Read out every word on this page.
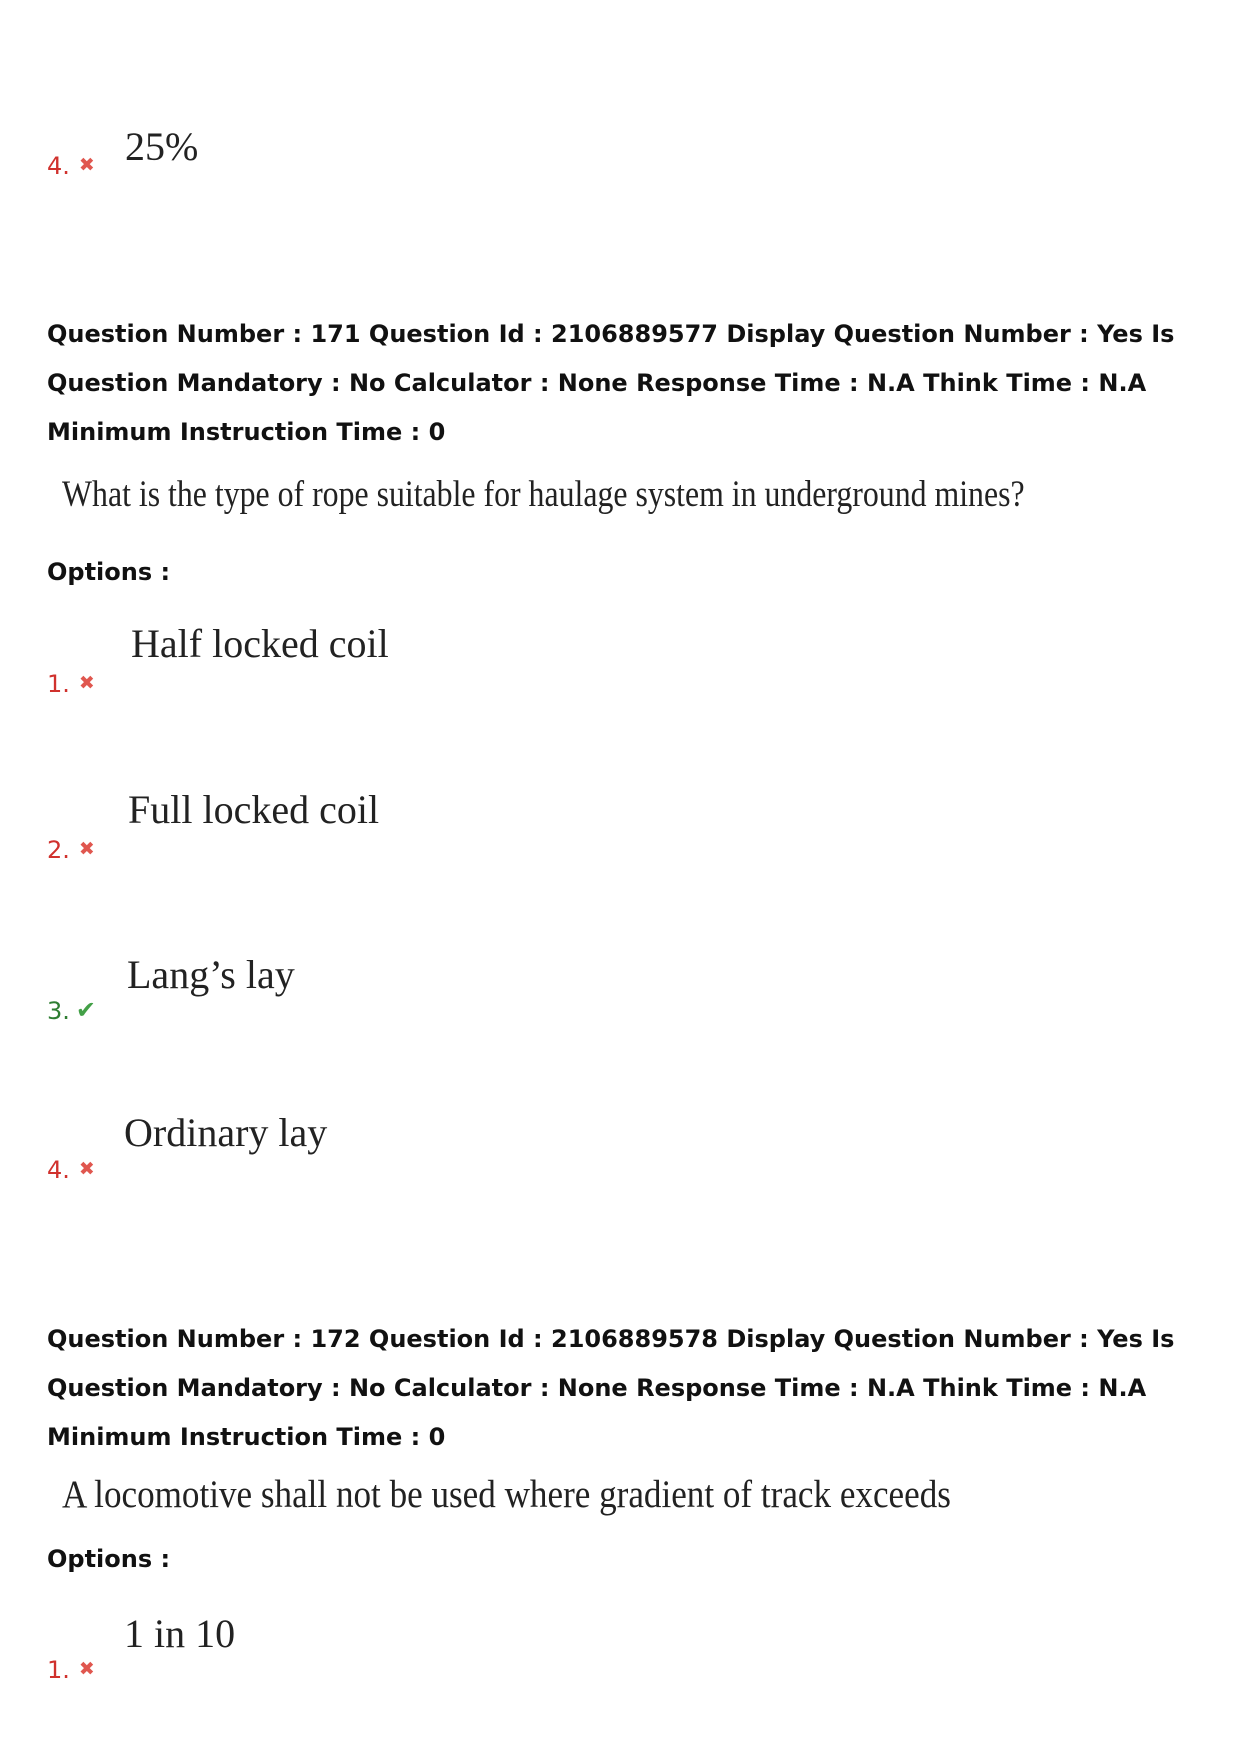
25%
4. ✖
Question Number : 171 Question Id : 2106889577 Display Question Number : Yes Is Question Mandatory : No Calculator : None Response Time : N.A Think Time : N.A Minimum Instruction Time : 0
What is the type of rope suitable for haulage system in underground mines?
Options :
Half locked coil
1. ✖
Full locked coil
2. ✖
Lang’s lay
3. ✔
Ordinary lay
4. ✖
Question Number : 172 Question Id : 2106889578 Display Question Number : Yes Is Question Mandatory : No Calculator : None Response Time : N.A Think Time : N.A Minimum Instruction Time : 0
A locomotive shall not be used where gradient of track exceeds
Options :
1 in 10
1. ✖
